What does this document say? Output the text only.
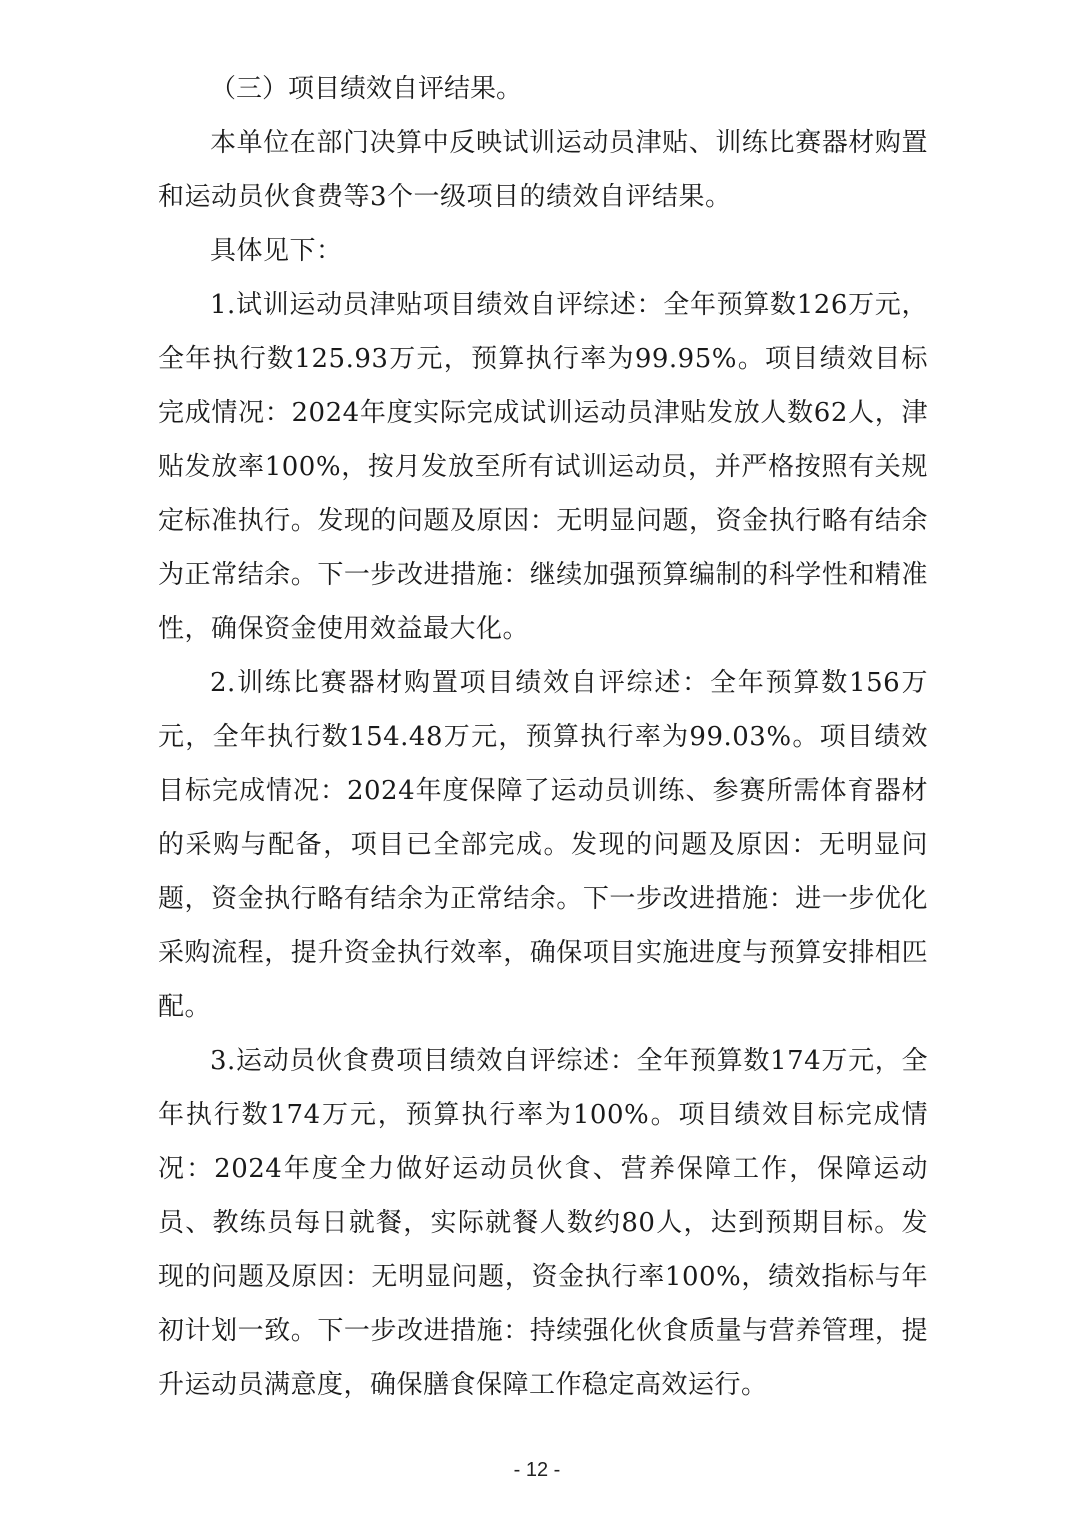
（三）项目绩效自评结果。

本单位在部门决算中反映试训运动员津贴、训练比赛器材购置和运动员伙食费等3个一级项目的绩效自评结果。

具体见下：

1.试训运动员津贴项目绩效自评综述：全年预算数126万元，全年执行数125.93万元，预算执行率为99.95%。项目绩效目标完成情况：2024年度实际完成试训运动员津贴发放人数62人，津贴发放率100%，按月发放至所有试训运动员，并严格按照有关规定标准执行。发现的问题及原因：无明显问题，资金执行略有结余为正常结余。下一步改进措施：继续加强预算编制的科学性和精准性，确保资金使用效益最大化。

2.训练比赛器材购置项目绩效自评综述：全年预算数156万元，全年执行数154.48万元，预算执行率为99.03%。项目绩效目标完成情况：2024年度保障了运动员训练、参赛所需体育器材的采购与配备，项目已全部完成。发现的问题及原因：无明显问题，资金执行略有结余为正常结余。下一步改进措施：进一步优化采购流程，提升资金执行效率，确保项目实施进度与预算安排相匹配。

3.运动员伙食费项目绩效自评综述：全年预算数174万元，全年执行数174万元，预算执行率为100%。项目绩效目标完成情况：2024年度全力做好运动员伙食、营养保障工作，保障运动员、教练员每日就餐，实际就餐人数约80人，达到预期目标。发现的问题及原因：无明显问题，资金执行率100%，绩效指标与年初计划一致。下一步改进措施：持续强化伙食质量与营养管理，提升运动员满意度，确保膳食保障工作稳定高效运行。

- 12 -
